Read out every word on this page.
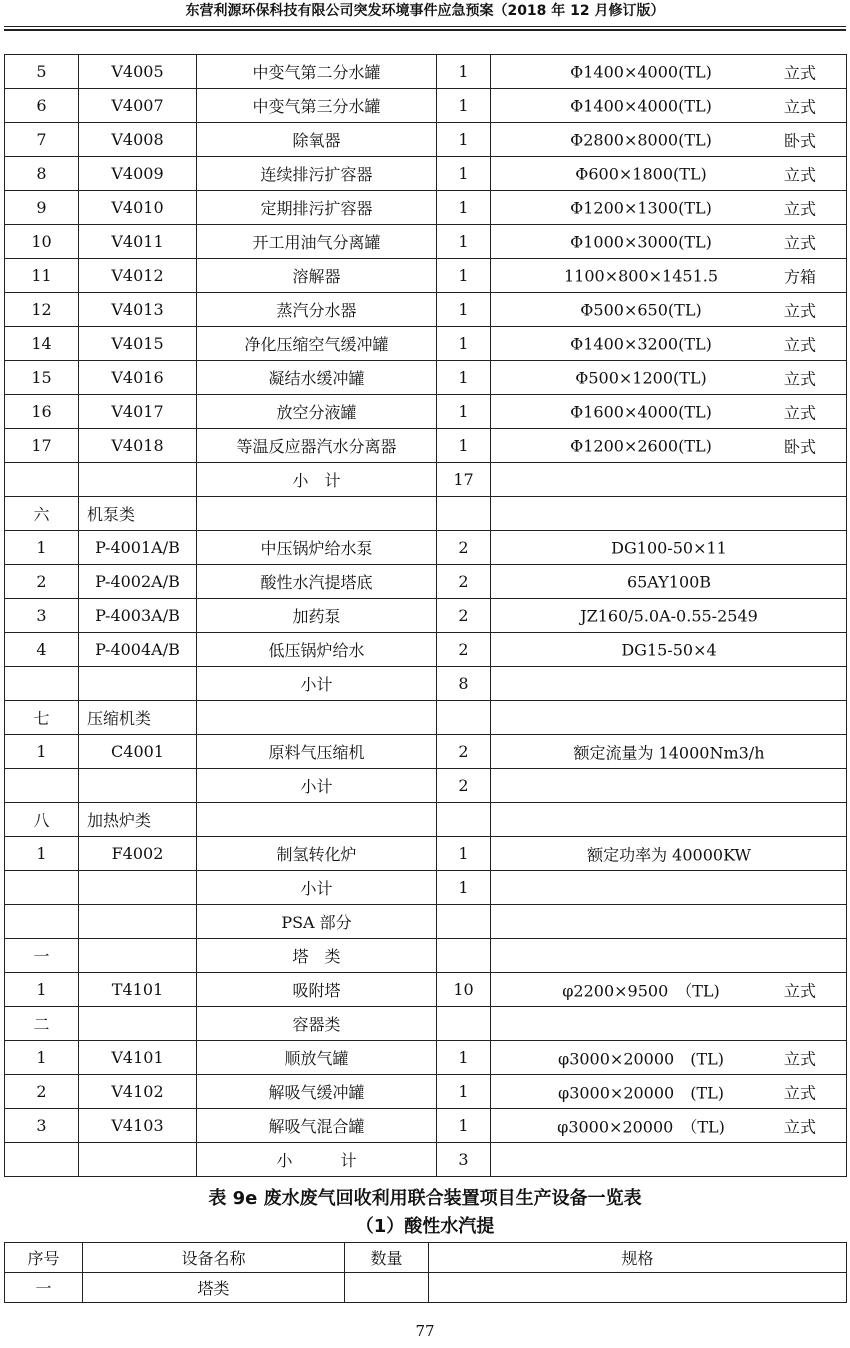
东营利源环保科技有限公司突发环境事件应急预案（2018 年 12 月修订版）
5	V4005	中变气第二分水罐	1	Φ1400×4000(TL) 立式

6	V4007	中变气第三分水罐	1	Φ1400×4000(TL) 立式

7	V4008	除氧器	1	Φ2800×8000(TL) 卧式

8	V4009	连续排污扩容器	1	Φ600×1800(TL) 立式

9	V4010	定期排污扩容器	1	Φ1200×1300(TL) 立式

10	V4011	开工用油气分离罐	1	Φ1000×3000(TL) 立式

11	V4012	溶解器	1	1100×800×1451.5 方箱

12	V4013	蒸汽分水器	1	Φ500×650(TL) 立式

14	V4015	净化压缩空气缓冲罐	1	Φ1400×3200(TL) 立式

15	V4016	凝结水缓冲罐	1	Φ500×1200(TL) 立式

16	V4017	放空分液罐	1	Φ1600×4000(TL) 立式

17	V4018	等温反应器汽水分离器	1	Φ1200×2600(TL) 卧式

		小　计	17	

六	机泵类			

1	P-4001A/B	中压锅炉给水泵	2	DG100-50×11

2	P-4002A/B	酸性水汽提塔底	2	65AY100B

3	P-4003A/B	加药泵	2	JZ160/5.0A-0.55-2549

4	P-4004A/B	低压锅炉给水	2	DG15-50×4

		小计	8	

七	压缩机类			

1	C4001	原料气压缩机	2	额定流量为 14000Nm3/h

		小计	2	

八	加热炉类			

1	F4002	制氢转化炉	1	额定功率为 40000KW

		小计	1	

		PSA 部分		

一		塔　类		

1	T4101	吸附塔	10	φ2200×9500　（TL) 立式

二		容器类		

1	V4101	顺放气罐	1	φ3000×20000　(TL) 立式

2	V4102	解吸气缓冲罐	1	φ3000×20000　(TL) 立式

3	V4103	解吸气混合罐	1	φ3000×20000　（TL) 立式

		小　　　计	3	
表 9e 废水废气回收利用联合装置项目生产设备一览表
（1）酸性水汽提
序号	设备名称	数量	规格
一	塔类		
77
